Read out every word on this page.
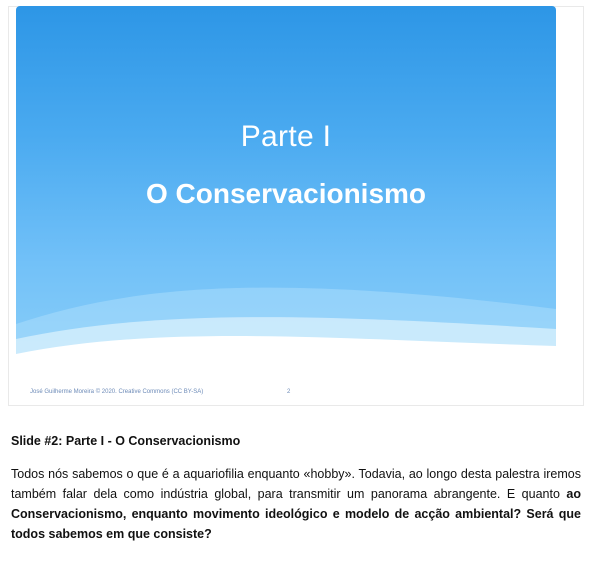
Parte I
O Conservacionismo
José Guilherme Moreira © 2020. Creative Commons (CC BY-SA)	2
Slide #2: Parte I - O Conservacionismo
Todos nós sabemos o que é a aquariofilia enquanto «hobby». Todavia, ao longo desta palestra iremos também falar dela como indústria global, para transmitir um panorama abrangente. E quanto ao Conservacionismo, enquanto movimento ideológico e modelo de acção ambiental? Será que todos sabemos em que consiste?
